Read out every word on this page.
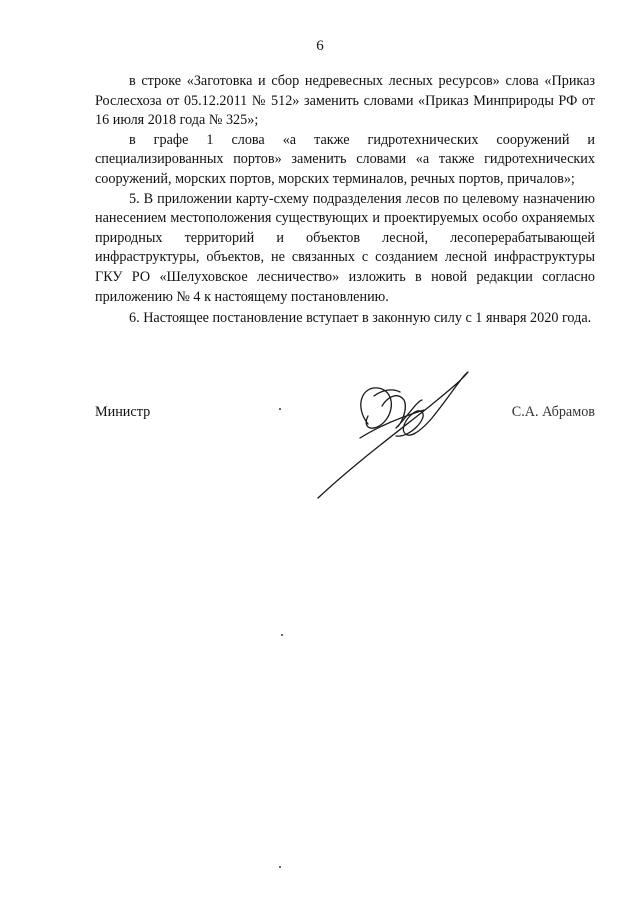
6

в строке «Заготовка и сбор недревесных лесных ресурсов» слова «Приказ Рослесхоза от 05.12.2011 № 512» заменить словами «Приказ Минприроды РФ от 16 июля 2018 года № 325»;

в графе 1 слова «а также гидротехнических сооружений и специализированных портов» заменить словами «а также гидротехнических сооружений, морских портов, морских терминалов, речных портов, причалов»;

5. В приложении карту-схему подразделения лесов по целевому назначению нанесением местоположения существующих и проектируемых особо охраняемых природных территорий и объектов лесной, лесоперерабатывающей инфраструктуры, объектов, не связанных с созданием лесной инфраструктуры ГКУ РО «Шелуховское лесничество» изложить в новой редакции согласно приложению № 4 к настоящему постановлению.

6. Настоящее постановление вступает в законную силу с 1 января 2020 года.

Министр	С.А. Абрамов
